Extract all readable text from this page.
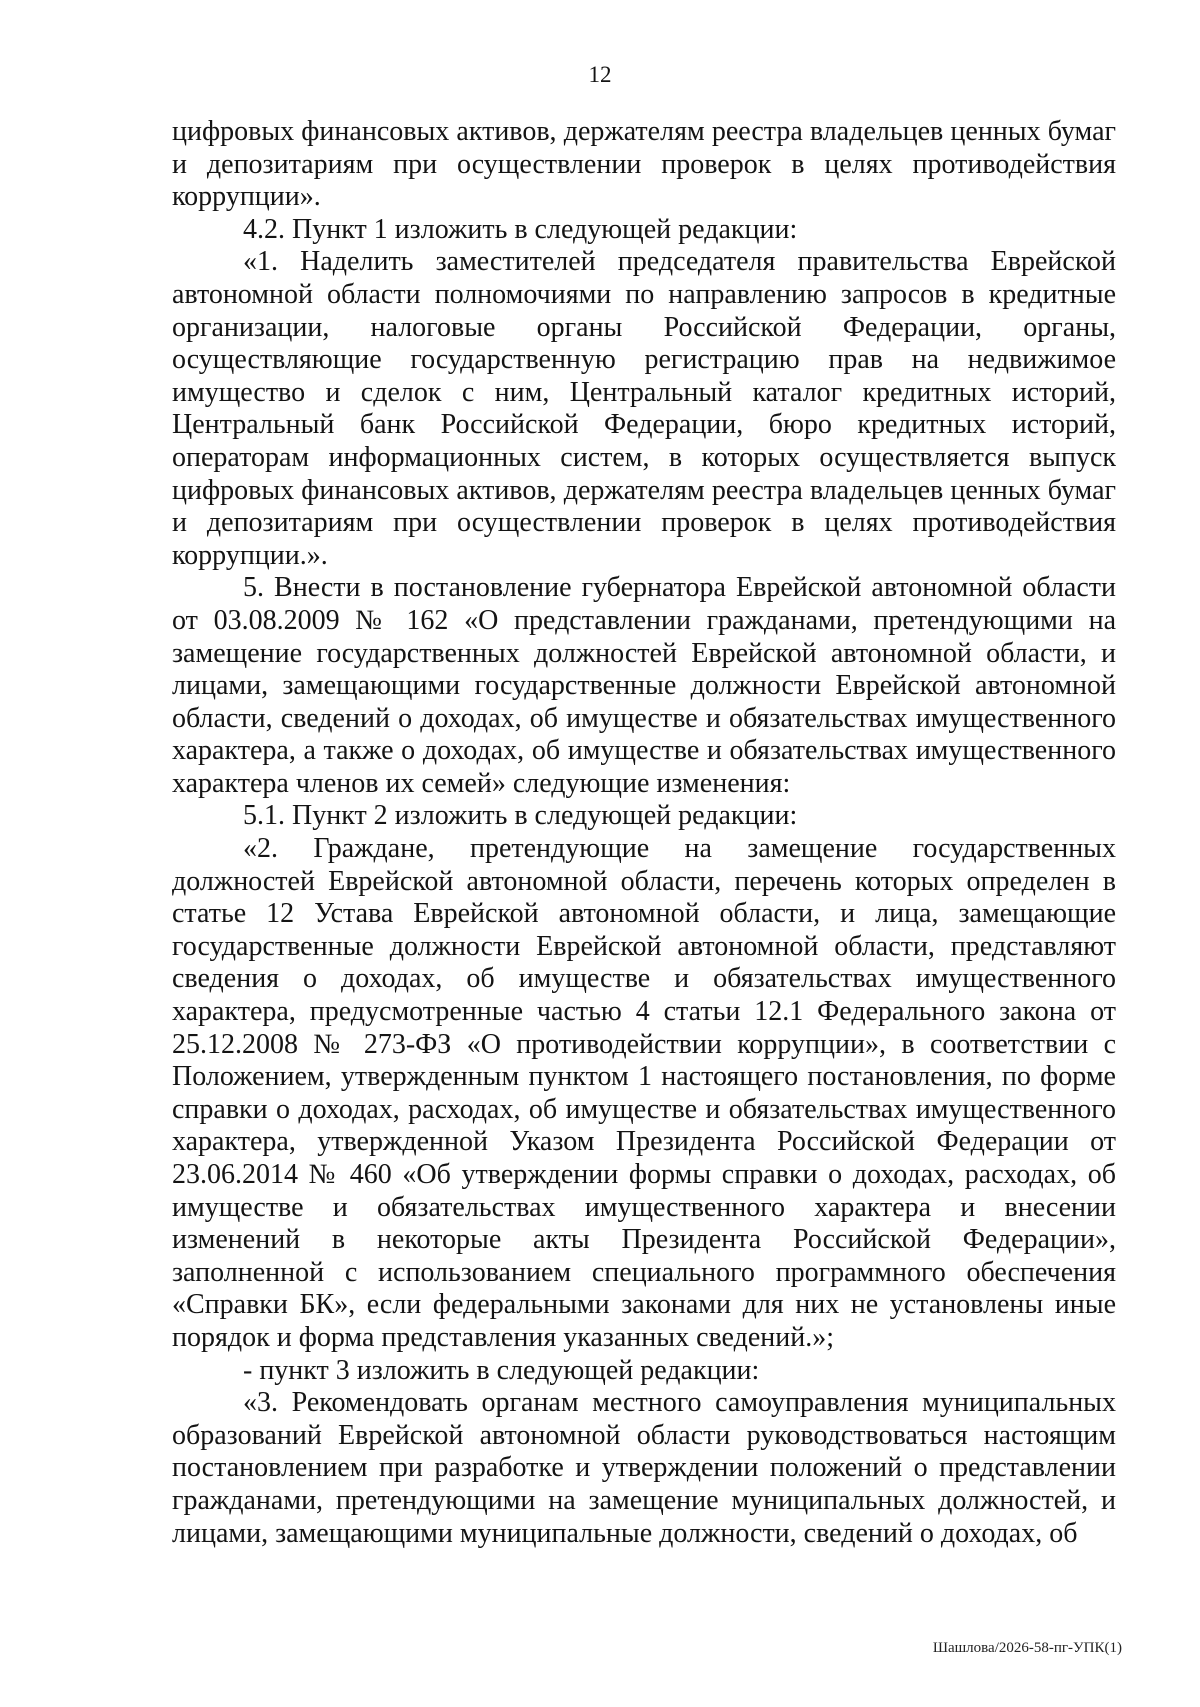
12

цифровых финансовых активов, держателям реестра владельцев ценных бумаг и депозитариям при осуществлении проверок в целях противодействия коррупции».

4.2. Пункт 1 изложить в следующей редакции:

«1. Наделить заместителей председателя правительства Еврейской автономной области полномочиями по направлению запросов в кредитные организации, налоговые органы Российской Федерации, органы, осуществляющие государственную регистрацию прав на недвижимое имущество и сделок с ним, Центральный каталог кредитных историй, Центральный банк Российской Федерации, бюро кредитных историй, операторам информационных систем, в которых осуществляется выпуск цифровых финансовых активов, держателям реестра владельцев ценных бумаг и депозитариям при осуществлении проверок в целях противодействия коррупции.».

5. Внести в постановление губернатора Еврейской автономной области от 03.08.2009 № 162 «О представлении гражданами, претендующими на замещение государственных должностей Еврейской автономной области, и лицами, замещающими государственные должности Еврейской автономной области, сведений о доходах, об имуществе и обязательствах имущественного характера, а также о доходах, об имуществе и обязательствах имущественного характера членов их семей» следующие изменения:

5.1. Пункт 2 изложить в следующей редакции:

«2. Граждане, претендующие на замещение государственных должностей Еврейской автономной области, перечень которых определен в статье 12 Устава Еврейской автономной области, и лица, замещающие государственные должности Еврейской автономной области, представляют сведения о доходах, об имуществе и обязательствах имущественного характера, предусмотренные частью 4 статьи 12.1 Федерального закона от 25.12.2008 № 273-ФЗ «О противодействии коррупции», в соответствии с Положением, утвержденным пунктом 1 настоящего постановления, по форме справки о доходах, расходах, об имуществе и обязательствах имущественного характера, утвержденной Указом Президента Российской Федерации от 23.06.2014 № 460 «Об утверждении формы справки о доходах, расходах, об имуществе и обязательствах имущественного характера и внесении изменений в некоторые акты Президента Российской Федерации», заполненной с использованием специального программного обеспечения «Справки БК», если федеральными законами для них не установлены иные порядок и форма представления указанных сведений.»;

- пункт 3 изложить в следующей редакции:

«3. Рекомендовать органам местного самоуправления муниципальных образований Еврейской автономной области руководствоваться настоящим постановлением при разработке и утверждении положений о представлении гражданами, претендующими на замещение муниципальных должностей, и лицами, замещающими муниципальные должности, сведений о доходах, об

Шашлова/2026-58-пг-УПК(1)
